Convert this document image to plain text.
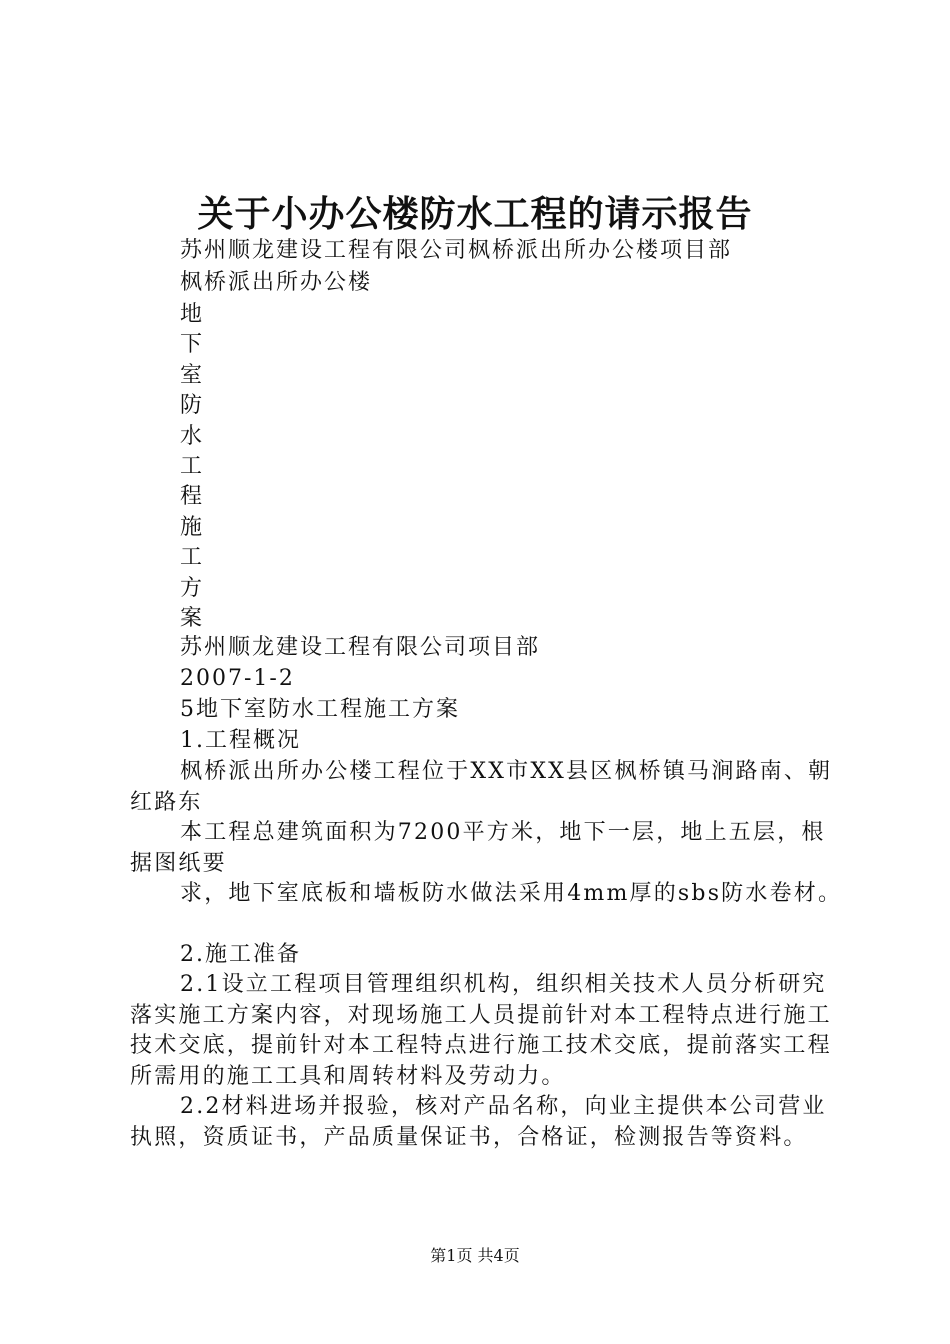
关于小办公楼防水工程的请示报告
苏州顺龙建设工程有限公司枫桥派出所办公楼项目部
枫桥派出所办公楼
地
下
室
防
水
工
程
施
工
方
案
苏州顺龙建设工程有限公司项目部
2007-1-2
5地下室防水工程施工方案
1.工程概况
枫桥派出所办公楼工程位于XX市XX县区枫桥镇马涧路南、朝红路东
本工程总建筑面积为7200平方米，地下一层，地上五层，根据图纸要
求，地下室底板和墙板防水做法采用4mm厚的sbs防水卷材。
2.施工准备
2.1设立工程项目管理组织机构，组织相关技术人员分析研究落实施工方案内容，对现场施工人员提前针对本工程特点进行施工技术交底，提前针对本工程特点进行施工技术交底，提前落实工程所需用的施工工具和周转材料及劳动力。
2.2材料进场并报验，核对产品名称，向业主提供本公司营业执照，资质证书，产品质量保证书，合格证，检测报告等资料。
第1页 共4页
